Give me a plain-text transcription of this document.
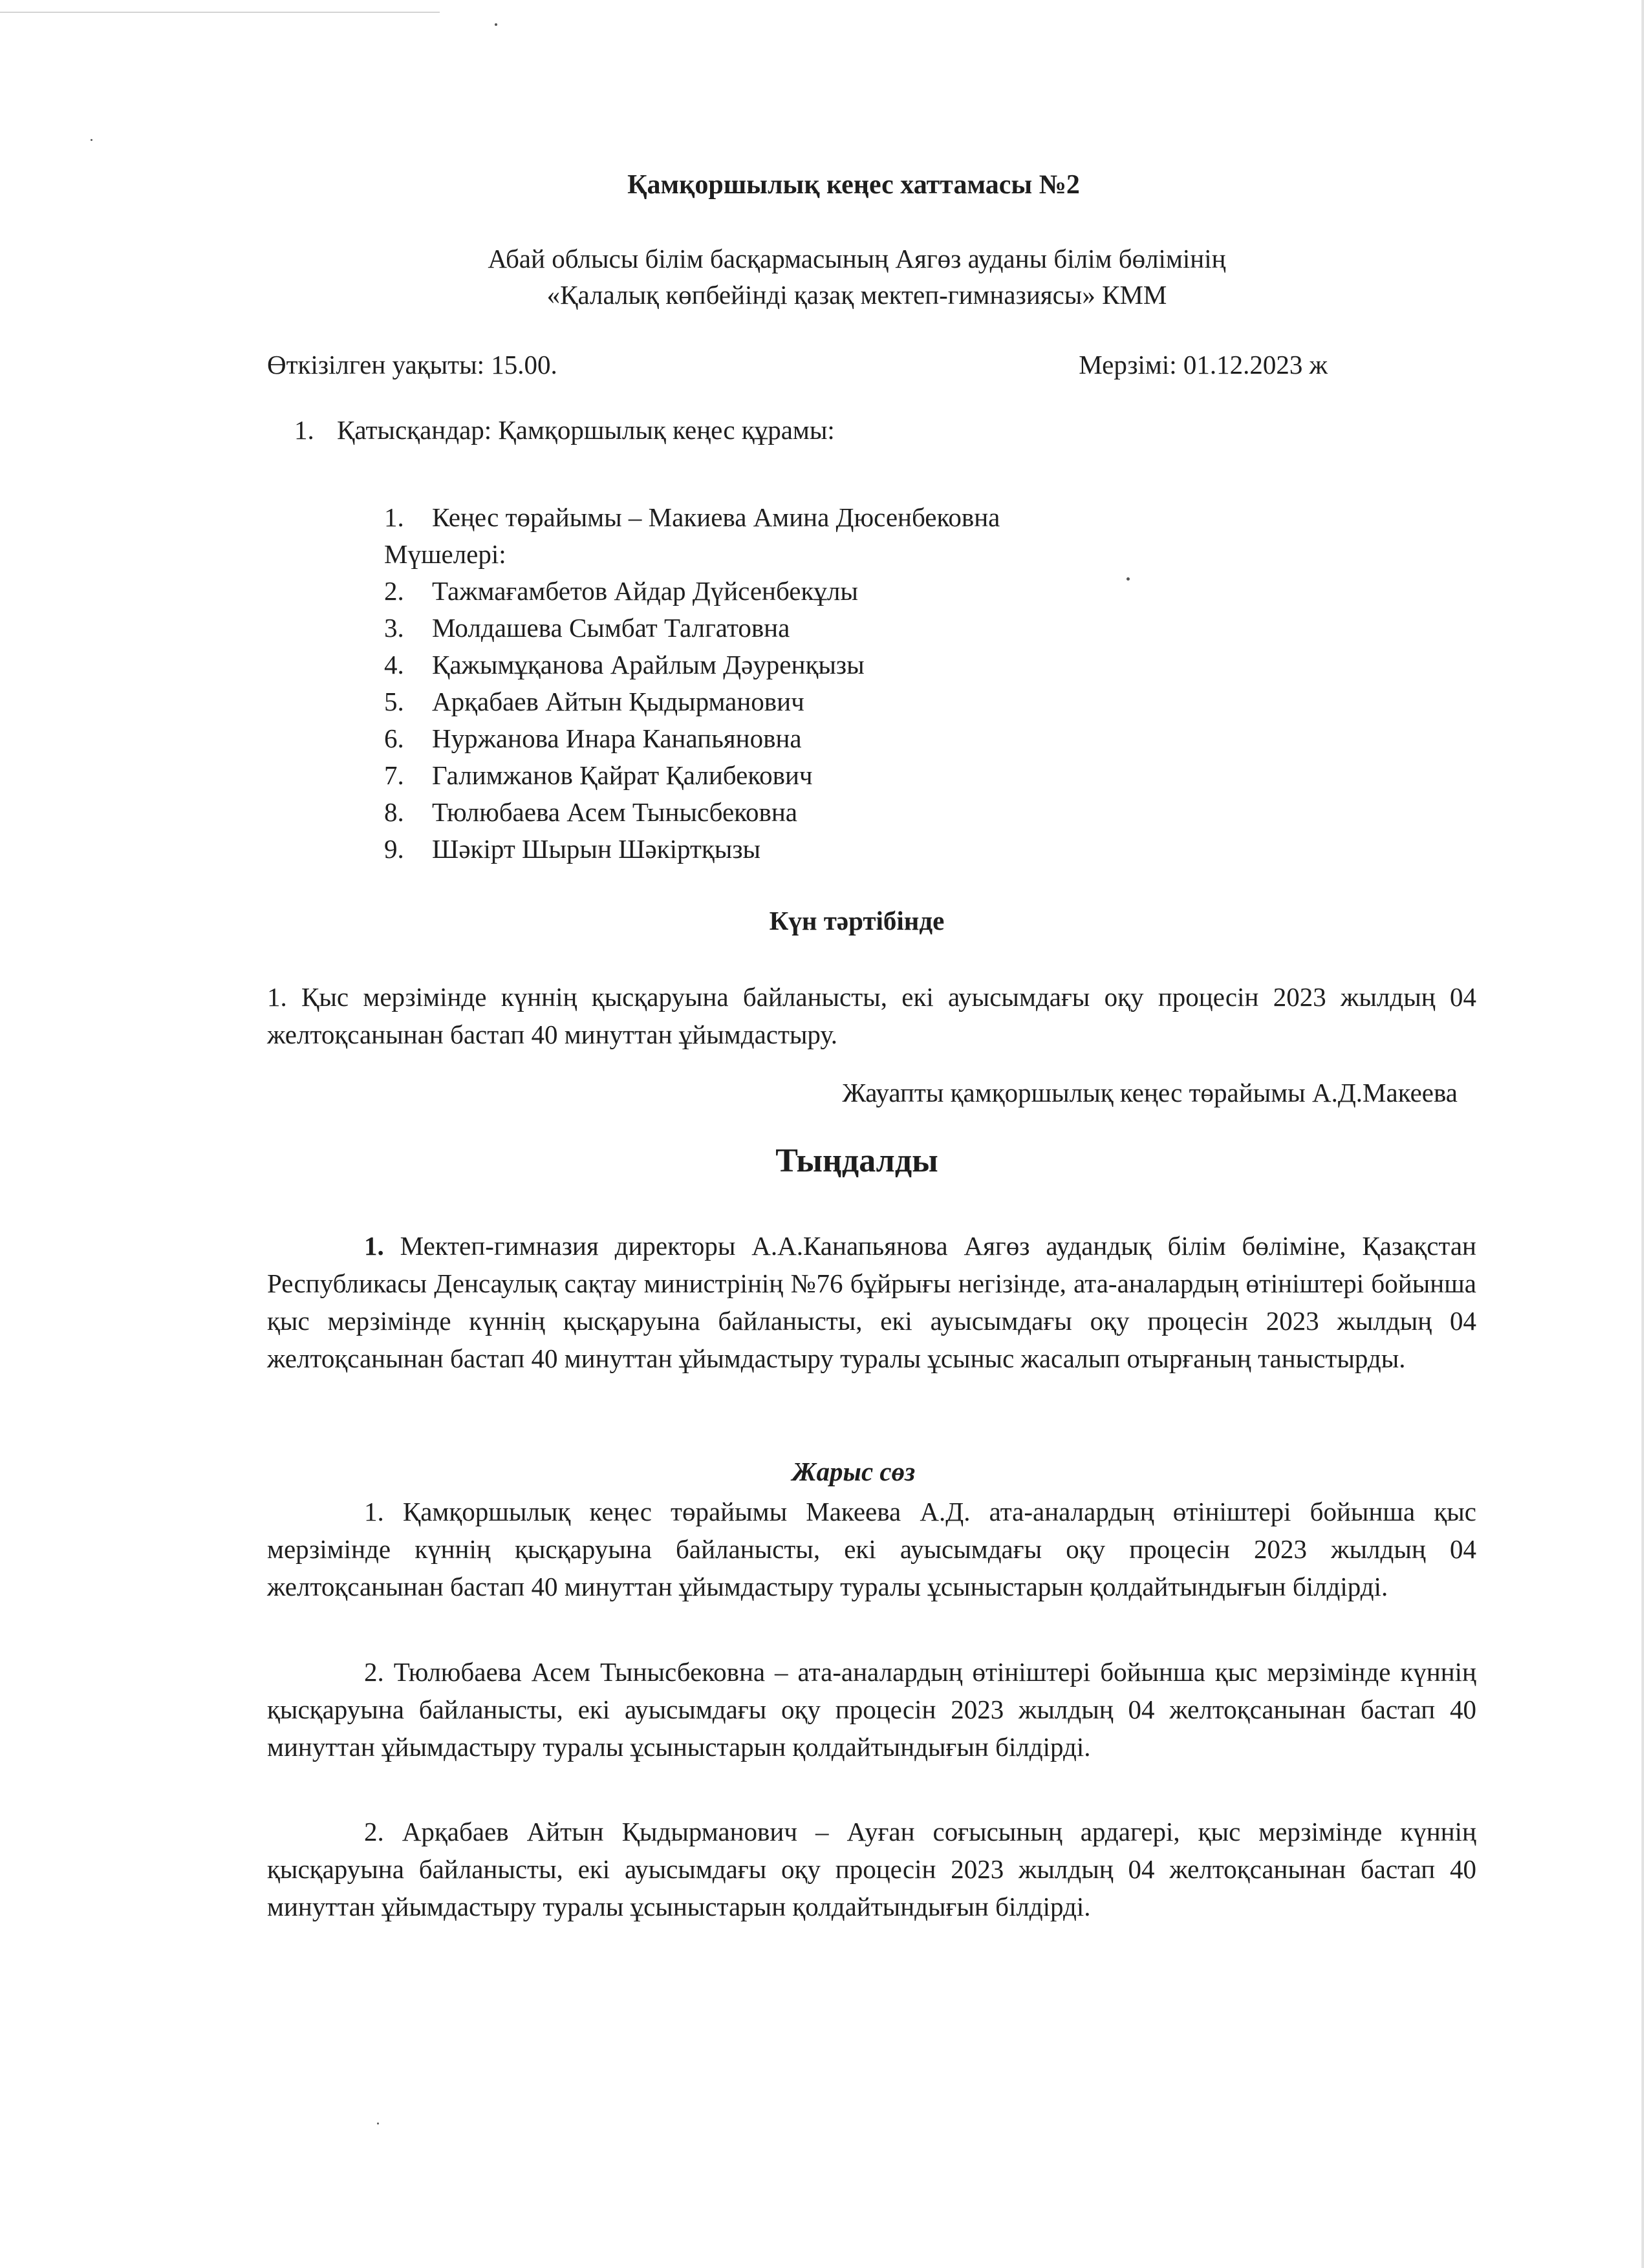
Қамқоршылық кеңес хаттамасы №2
Абай облысы білім басқармасының Аягөз ауданы білім бөлімінің
«Қалалық көпбейінді қазақ мектеп-гимназиясы» КММ
Өткізілген уақыты: 15.00.	Мерзімі: 01.12.2023 ж
1. Қатысқандар: Қамқоршылық кеңес құрамы:
1. Кеңес төрайымы – Макиева Амина Дюсенбековна
Мүшелері:
2. Тажмағамбетов Айдар Дүйсенбекұлы
3. Молдашева Сымбат Талгатовна
4. Қажымұқанова Арайлым Дәуренқызы
5. Арқабаев Айтын Қыдырманович
6. Нуржанова Инара Канапьяновна
7. Галимжанов Қайрат Қалибекович
8. Тюлюбаева Асем Тынысбековна
9. Шәкірт Шырын Шәкіртқызы
Күн тәртібінде

1. Қыс мерзімінде күннің қысқаруына байланысты, екі ауысымдағы оқу процесін 2023 жылдың 04 желтоқсанынан бастап 40 минуттан ұйымдастыру.

Жауапты қамқоршылық кеңес төрайымы А.Д.Макеева
Тыңдалды

1. Мектеп-гимназия директоры А.А.Канапьянова Аягөз аудандық білім бөліміне, Қазақстан Республикасы Денсаулық сақтау министрінің №76 бұйрығы негізінде, ата-аналардың өтініштері бойынша қыс мерзімінде күннің қысқаруына байланысты, екі ауысымдағы оқу процесін 2023 жылдың 04 желтоқсанынан бастап 40 минуттан ұйымдастыру туралы ұсыныс жасалып отырғаның таныстырды.

Жарыс сөз

1. Қамқоршылық кеңес төрайымы Макеева А.Д. ата-аналардың өтініштері бойынша қыс мерзімінде күннің қысқаруына байланысты, екі ауысымдағы оқу процесін 2023 жылдың 04 желтоқсанынан бастап 40 минуттан ұйымдастыру туралы ұсыныстарын қолдайтындығын білдірді.

2. Тюлюбаева Асем Тынысбековна – ата-аналардың өтініштері бойынша қыс мерзімінде күннің қысқаруына байланысты, екі ауысымдағы оқу процесін 2023 жылдың 04 желтоқсанынан бастап 40 минуттан ұйымдастыру туралы ұсыныстарын қолдайтындығын білдірді.

2. Арқабаев Айтын Қыдырманович – Ауған соғысының ардагері, қыс мерзімінде күннің қысқаруына байланысты, екі ауысымдағы оқу процесін 2023 жылдың 04 желтоқсанынан бастап 40 минуттан ұйымдастыру туралы ұсыныстарын қолдайтындығын білдірді.
